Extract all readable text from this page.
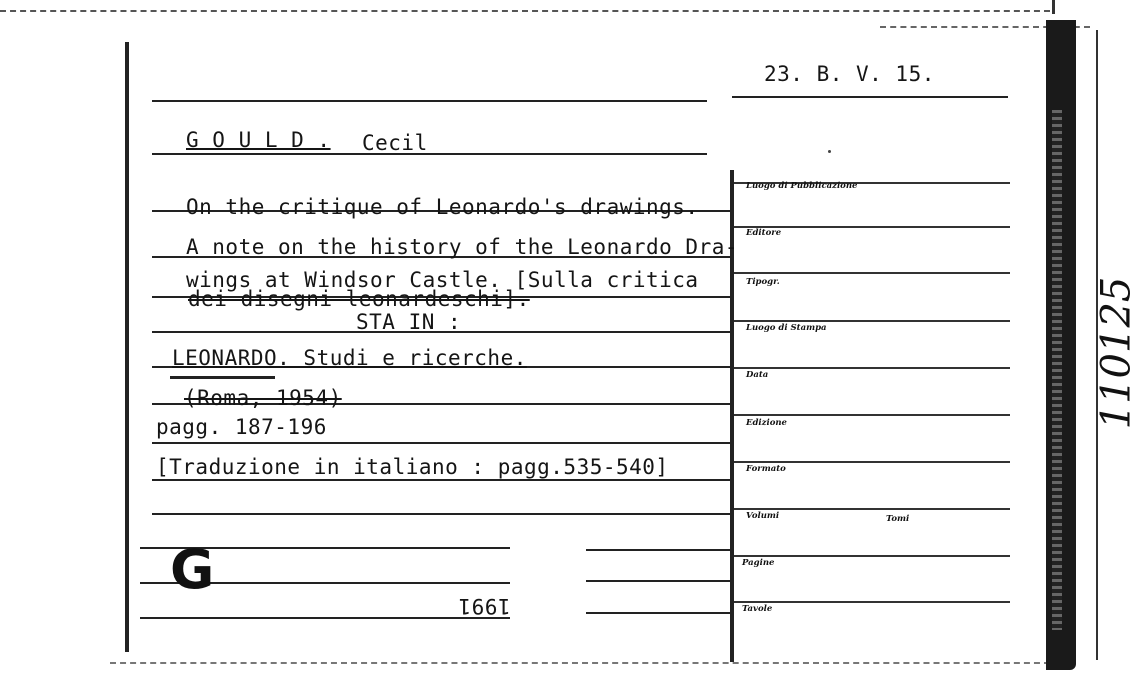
Luogo di Pubblicazione
Editore
Tipogr.
Luogo di Stampa
Data
Edizione
Formato
Volumi	Tomi
Pagine
Tavole
23. B. V. 15.
G O U L D . Cecil
On the critique of Leonardo's drawings.
A note on the history of the Leonardo Dra-
wings at Windsor Castle. [Sulla critica
dei disegni leonardeschi].
STA IN :
LEONARDO. Studi e ricerche.
(Roma, 1954)
pagg. 187-196
[Traduzione in italiano : pagg.535-540]
G
1991
110125
